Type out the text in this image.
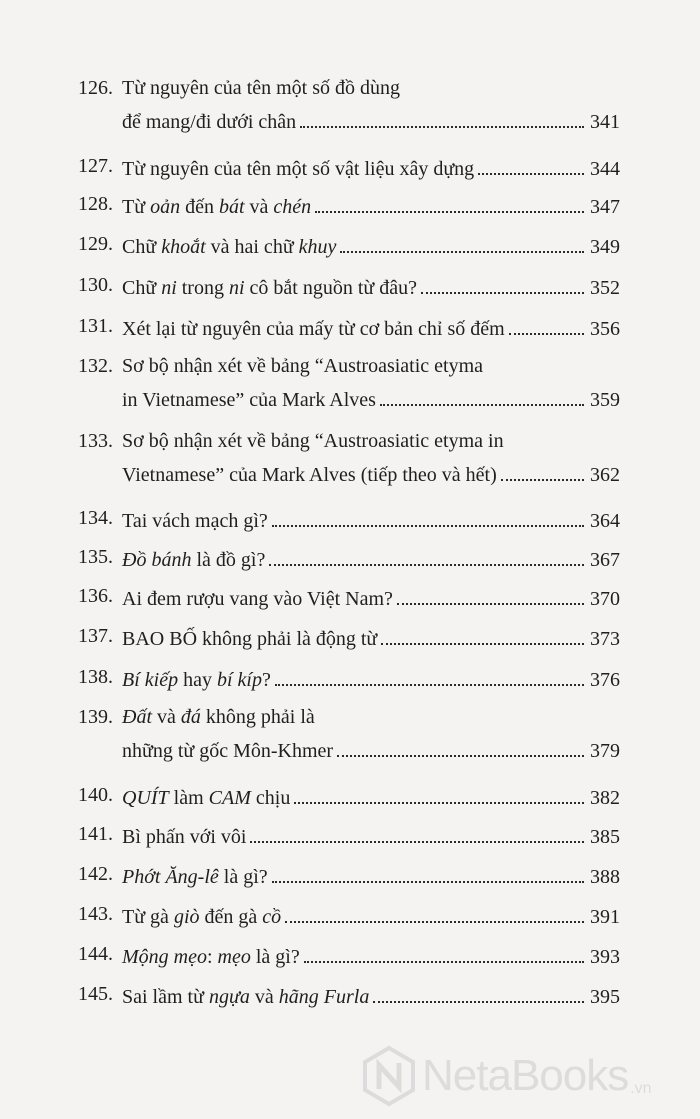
126. Từ nguyên của tên một số đồ dùng
để mang/đi dưới chân	341
127. Từ nguyên của tên một số vật liệu xây dựng	344
128. Từ oản đến bát và chén	347
129. Chữ khoắt và hai chữ khuy	349
130. Chữ ni trong ni cô bắt nguồn từ đâu?	352
131. Xét lại từ nguyên của mấy từ cơ bản chỉ số đếm	356
132. Sơ bộ nhận xét về bảng “Austroasiatic etyma
in Vietnamese” của Mark Alves	359
133. Sơ bộ nhận xét về bảng “Austroasiatic etyma in
Vietnamese” của Mark Alves (tiếp theo và hết)	362
134. Tai vách mạch gì?	364
135. Đồ bánh là đồ gì?	367
136. Ai đem rượu vang vào Việt Nam?	370
137. BAO BỐ không phải là động từ	373
138. Bí kiếp hay bí kíp?	376
139. Đất và đá không phải là
những từ gốc Môn-Khmer	379
140. QUÍT làm CAM chịu	382
141. Bì phấn với vôi	385
142. Phớt Ăng-lê là gì?	388
143. Từ gà giò đến gà cồ	391
144. Mộng mẹo: mẹo là gì?	393
145. Sai lầm từ ngựa và hãng Furla	395
NetaBooks .vn
